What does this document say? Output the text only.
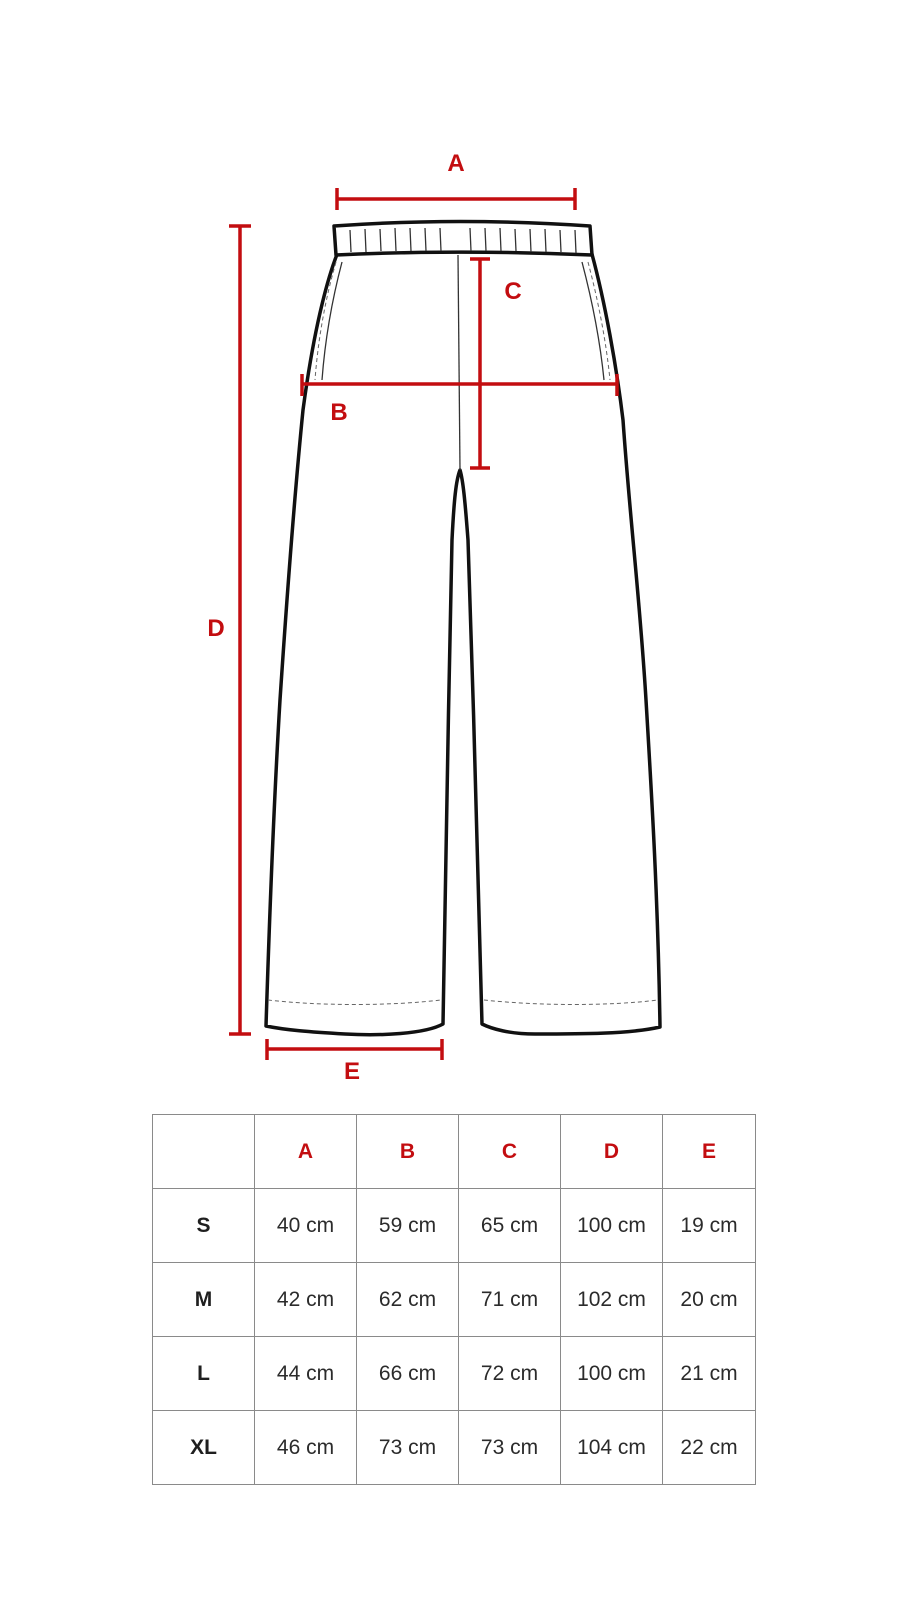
A
B
C
D
E
	A	B	C	D	E
S	40 cm	59 cm	65 cm	100 cm	19 cm
M	42 cm	62 cm	71 cm	102 cm	20 cm
L	44 cm	66 cm	72 cm	100 cm	21 cm
XL	46 cm	73 cm	73 cm	104 cm	22 cm
